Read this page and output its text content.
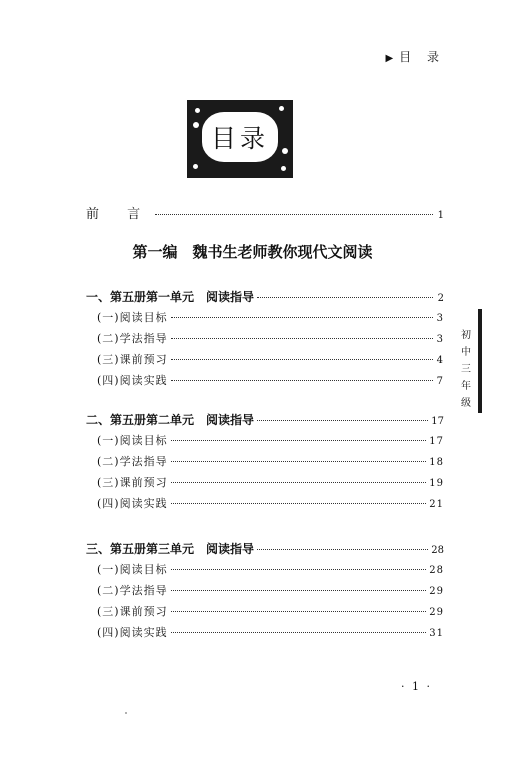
▶ 目 录
目录
前 言	1
第一编　魏书生老师教你现代文阅读
一、第五册第一单元　阅读指导	2
(一)阅读目标	3
(二)学法指导	3
(三)课前预习	4
(四)阅读实践	7
二、第五册第二单元　阅读指导	17
(一)阅读目标	17
(二)学法指导	18
(三)课前预习	19
(四)阅读实践	21
三、第五册第三单元　阅读指导	28
(一)阅读目标	28
(二)学法指导	29
(三)课前预习	29
(四)阅读实践	31
初
中
三
年
级
· 1 ·
